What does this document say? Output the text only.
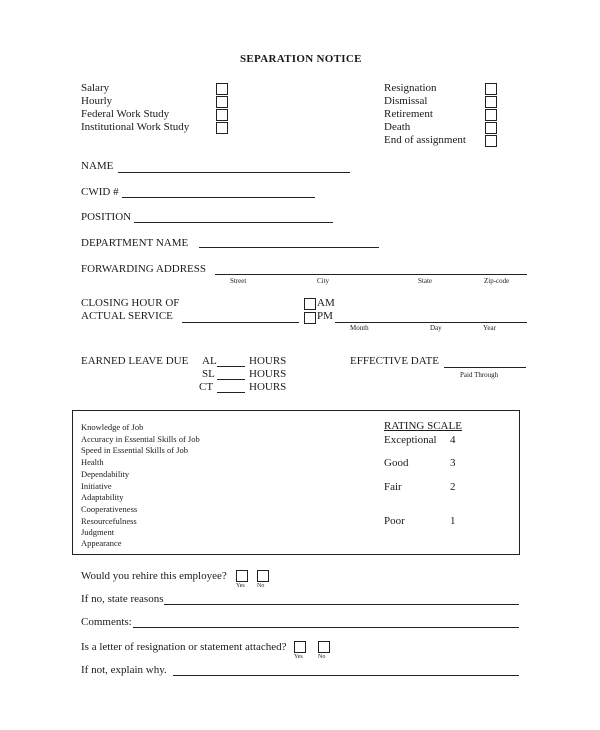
SEPARATION NOTICE
Salary
Hourly
Federal Work Study
Institutional Work Study
Resignation
Dismissal
Retirement
Death
End of assignment
NAME
CWID #
POSITION
DEPARTMENT NAME
FORWARDING ADDRESS
Street	City	State	Zip-code
CLOSING HOUR OF
ACTUAL SERVICE
AM
PM
Month	Day	Year
EARNED LEAVE DUE AL	HOURS
SL	HOURS
CT	HOURS
EFFECTIVE DATE
Paid Through
Knowledge of Job
Accuracy in Essential Skills of Job
Speed in Essential Skills of Job
Health
Dependability
Initiative
Adaptability
Cooperativeness
Resourcefulness
Judgment
Appearance
RATING SCALE
Exceptional 4
Good	3
Fair	2
Poor	1
Would you rehire this employee?
Yes No
If no, state reasons
Comments:
Is a letter of resignation or statement attached?
Yes	No
If not, explain why.
